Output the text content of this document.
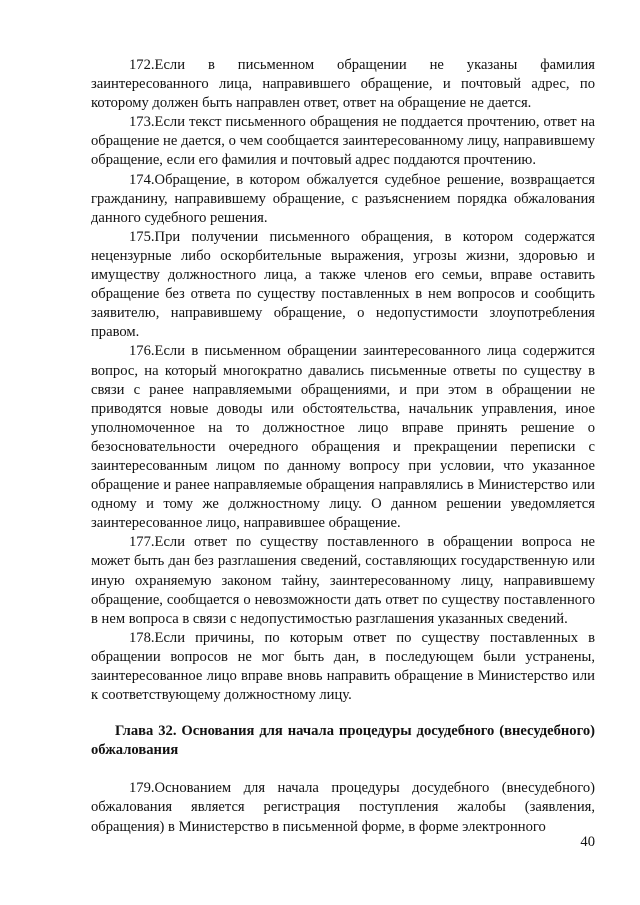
172.Если в письменном обращении не указаны фамилия заинтересованного лица, направившего обращение, и почтовый адрес, по которому должен быть направлен ответ, ответ на обращение не дается.

173.Если текст письменного обращения не поддается прочтению, ответ на обращение не дается, о чем сообщается заинтересованному лицу, направившему обращение, если его фамилия и почтовый адрес поддаются прочтению.

174.Обращение, в котором обжалуется судебное решение, возвращается гражданину, направившему обращение, с разъяснением порядка обжалования данного судебного решения.

175.При получении письменного обращения, в котором содержатся нецензурные либо оскорбительные выражения, угрозы жизни, здоровью и имуществу должностного лица, а также членов его семьи, вправе оставить обращение без ответа по существу поставленных в нем вопросов и сообщить заявителю, направившему обращение, о недопустимости злоупотребления правом.

176.Если в письменном обращении заинтересованного лица содержится вопрос, на который многократно давались письменные ответы по существу в связи с ранее направляемыми обращениями, и при этом в обращении не приводятся новые доводы или обстоятельства, начальник управления, иное уполномоченное на то должностное лицо вправе принять решение о безосновательности очередного обращения и прекращении переписки с заинтересованным лицом по данному вопросу при условии, что указанное обращение и ранее направляемые обращения направлялись в Министерство или одному и тому же должностному лицу. О данном решении уведомляется заинтересованное лицо, направившее обращение.

177.Если ответ по существу поставленного в обращении вопроса не может быть дан без разглашения сведений, составляющих государственную или иную охраняемую законом тайну, заинтересованному лицу, направившему обращение, сообщается о невозможности дать ответ по существу поставленного в нем вопроса в связи с недопустимостью разглашения указанных сведений.

178.Если причины, по которым ответ по существу поставленных в обращении вопросов не мог быть дан, в последующем были устранены, заинтересованное лицо вправе вновь направить обращение в Министерство или к соответствующему должностному лицу.

Глава 32. Основания для начала процедуры досудебного (внесудебного) обжалования

179.Основанием для начала процедуры досудебного (внесудебного) обжалования является регистрация поступления жалобы (заявления, обращения) в Министерство в письменной форме, в форме электронного

40
